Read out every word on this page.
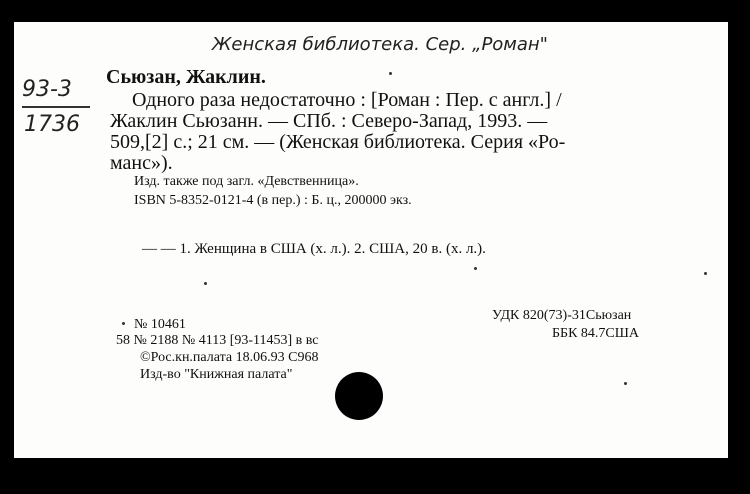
Женская библиотека. Сер. „Роман"
93-3
1736
Сьюзан, Жаклин.
Одного раза недостаточно : [Роман : Пер. с англ.] /
Жаклин Сьюзанн. — СПб. : Северо-Запад, 1993. —
509,[2] с.; 21 см. — (Женская библиотека. Серия «Ро-
манс»).
Изд. также под загл. «Девственница».
ISBN 5-8352-0121-4 (в пер.) : Б. ц., 200000 экз.
— — 1. Женщина в США (х. л.). 2. США, 20 в. (х. л.).
№ 10461
58 № 2188 № 4113 [93-11453] в вс
©Рос.кн.палата 18.06.93 С968
Изд-во "Книжная палата"
УДК 820(73)-31Сьюзан
ББК 84.7США
